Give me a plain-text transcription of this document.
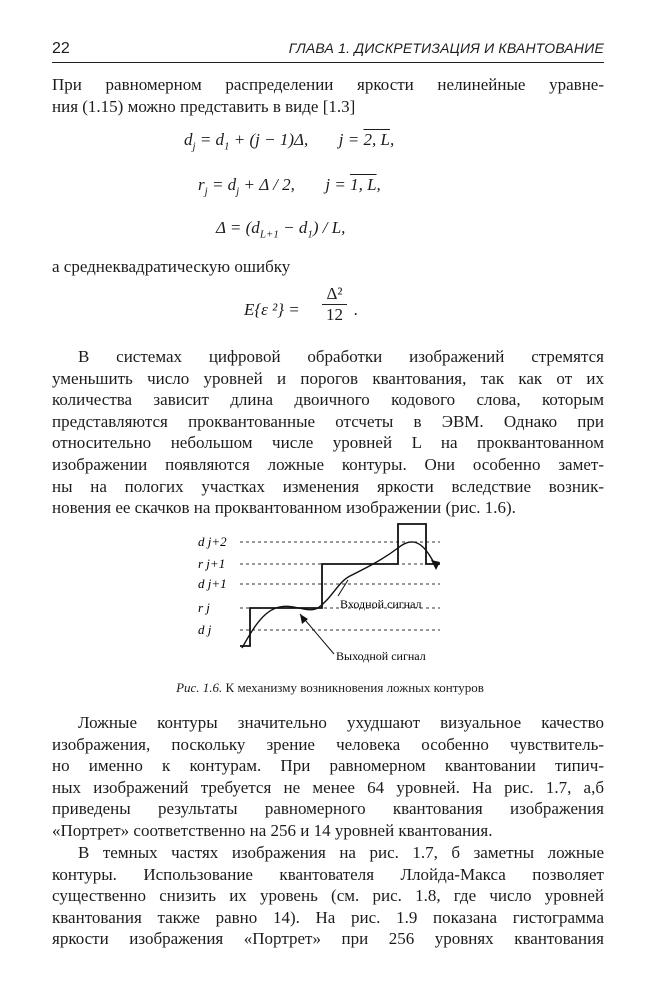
22	ГЛАВА 1. ДИСКРЕТИЗАЦИЯ И КВАНТОВАНИЕ
При равномерном распределении яркости нелинейные уравне-
ния (1.15) можно представить в виде [1.3]
$d_j = d_1 + (j - 1)\Delta$, j = 2, L,
$r_j = d_j + \Delta / 2$, j = 1, L,
$\Delta = (d_{L+1} - d_1) / L$,
а среднеквадратическую ошибку
E{ε $^2\} = \frac{\text{Δ²}}{12}$ .
В системах цифровой обработки изображений стремятся
уменьшить число уровней и порогов квантования, так как от их
количества зависит длина двоичного кодового слова, которым
представляются проквантованные отсчеты в ЭВМ. Однако при
относительно небольшом числе уровней L на проквантованном
изображении появляются ложные контуры. Они особенно замет-
ны на пологих участках изменения яркости вследствие возник-
новения ее скачков на проквантованном изображении (рис. 1.6).
d j+2
r j+1
d j+1
r j
d j
Входной сигнал
Выходной сигнал
Рис. 1.6. К механизму возникновения ложных контуров
Ложные контуры значительно ухудшают визуальное качество
изображения, поскольку зрение человека особенно чувствитель-
но именно к контурам. При равномерном квантовании типич-
ных изображений требуется не менее 64 уровней. На рис. 1.7, а,б
приведены результаты равномерного квантования изображения
«Портрет» соответственно на 256 и 14 уровней квантования.
В темных частях изображения на рис. 1.7, б заметны ложные
контуры. Использование квантователя Ллойда-Макса позволяет
существенно снизить их уровень (см. рис. 1.8, где число уровней
квантования также равно 14). На рис. 1.9 показана гистограмма
яркости изображения «Портрет» при 256 уровнях квантования
